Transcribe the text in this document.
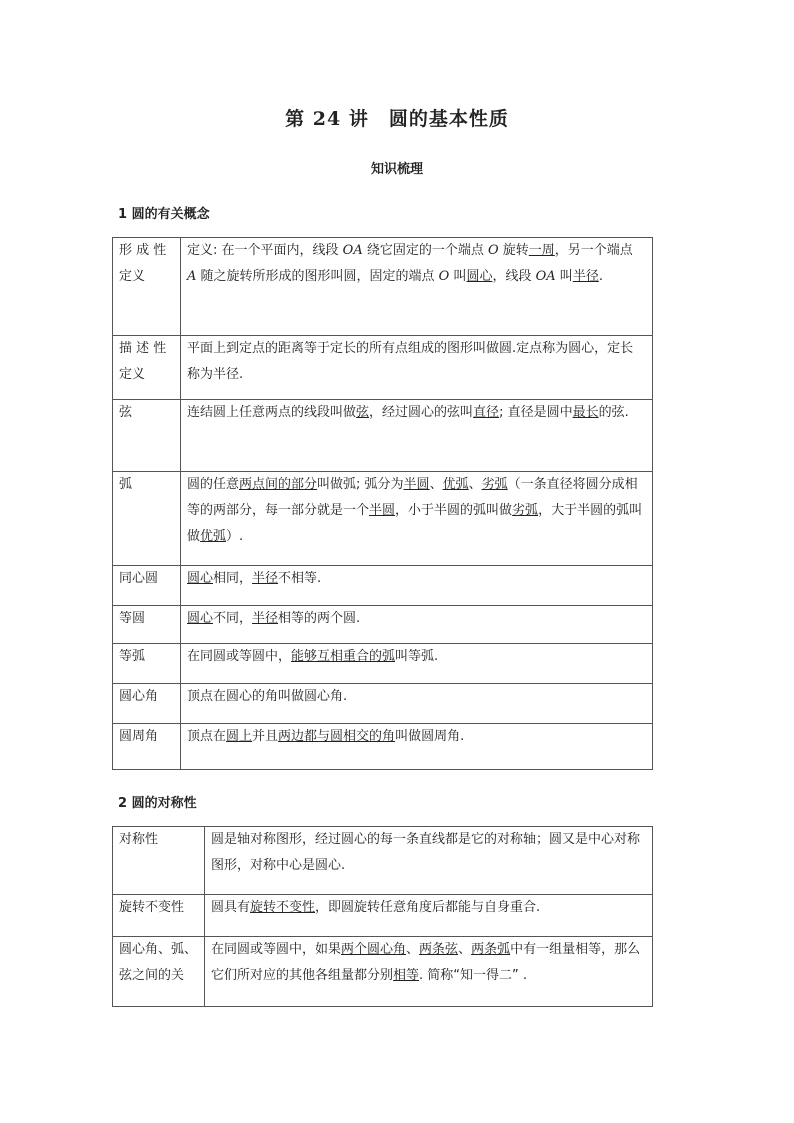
第 24 讲　圆的基本性质
知识梳理
1 圆的有关概念
形 成 性 定义	定义: 在一个平面内，线段 OA 绕它固定的一个端点 O 旋转一周，另一个端点 A 随之旋转所形成的图形叫圆，固定的端点 O 叫圆心，线段 OA 叫半径.
描 述 性 定义	平面上到定点的距离等于定长的所有点组成的图形叫做圆.定点称为圆心，定长称为半径.
弦	连结圆上任意两点的线段叫做弦，经过圆心的弦叫直径; 直径是圆中最长的弦.
弧	圆的任意两点间的部分叫做弧; 弧分为半圆、优弧、劣弧（一条直径将圆分成相等的两部分，每一部分就是一个半圆，小于半圆的弧叫做劣弧，大于半圆的弧叫做优弧）.
同心圆	圆心相同，半径不相等.
等圆	圆心不同，半径相等的两个圆.
等弧	在同圆或等圆中，能够互相重合的弧叫等弧.
圆心角	顶点在圆心的角叫做圆心角.
圆周角	顶点在圆上并且两边都与圆相交的角叫做圆周角.
2 圆的对称性
对称性	圆是轴对称图形，经过圆心的每一条直线都是它的对称轴；圆又是中心对称图形，对称中心是圆心.
旋转不变性	圆具有旋转不变性，即圆旋转任意角度后都能与自身重合.
圆心角、弧、弦之间的关	在同圆或等圆中，如果两个圆心角、两条弦、两条弧中有一组量相等，那么它们所对应的其他各组量都分别相等. 简称“知一得二” .
